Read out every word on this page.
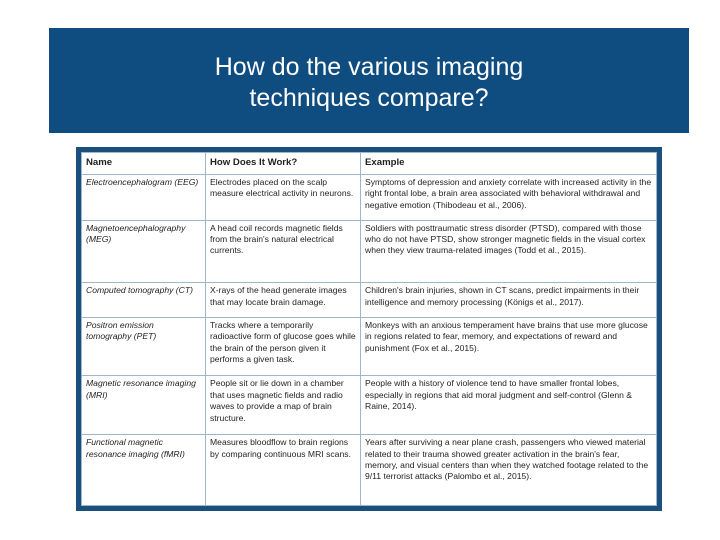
How do the various imaging
techniques compare?
Name	How Does It Work?	Example
Electroencephalogram (EEG)	Electrodes placed on the scalp measure electrical activity in neurons.	Symptoms of depression and anxiety correlate with increased activity in the right frontal lobe, a brain area associated with behavioral withdrawal and negative emotion (Thibodeau et al., 2006).
Magnetoencephalography (MEG)	A head coil records magnetic fields from the brain's natural electrical currents.	Soldiers with posttraumatic stress disorder (PTSD), compared with those who do not have PTSD, show stronger magnetic fields in the visual cortex when they view trauma-related images (Todd et al., 2015).
Computed tomography (CT)	X-rays of the head generate images that may locate brain damage.	Children's brain injuries, shown in CT scans, predict impairments in their intelligence and memory processing (Königs et al., 2017).
Positron emission tomography (PET)	Tracks where a temporarily radioactive form of glucose goes while the brain of the person given it performs a given task.	Monkeys with an anxious temperament have brains that use more glucose in regions related to fear, memory, and expectations of reward and punishment (Fox et al., 2015).
Magnetic resonance imaging (MRI)	People sit or lie down in a chamber that uses magnetic fields and radio waves to provide a map of brain structure.	People with a history of violence tend to have smaller frontal lobes, especially in regions that aid moral judgment and self-control (Glenn & Raine, 2014).
Functional magnetic resonance imaging (fMRI)	Measures bloodflow to brain regions by comparing continuous MRI scans.	Years after surviving a near plane crash, passengers who viewed material related to their trauma showed greater activation in the brain's fear, memory, and visual centers than when they watched footage related to the 9/11 terrorist attacks (Palombo et al., 2015).
